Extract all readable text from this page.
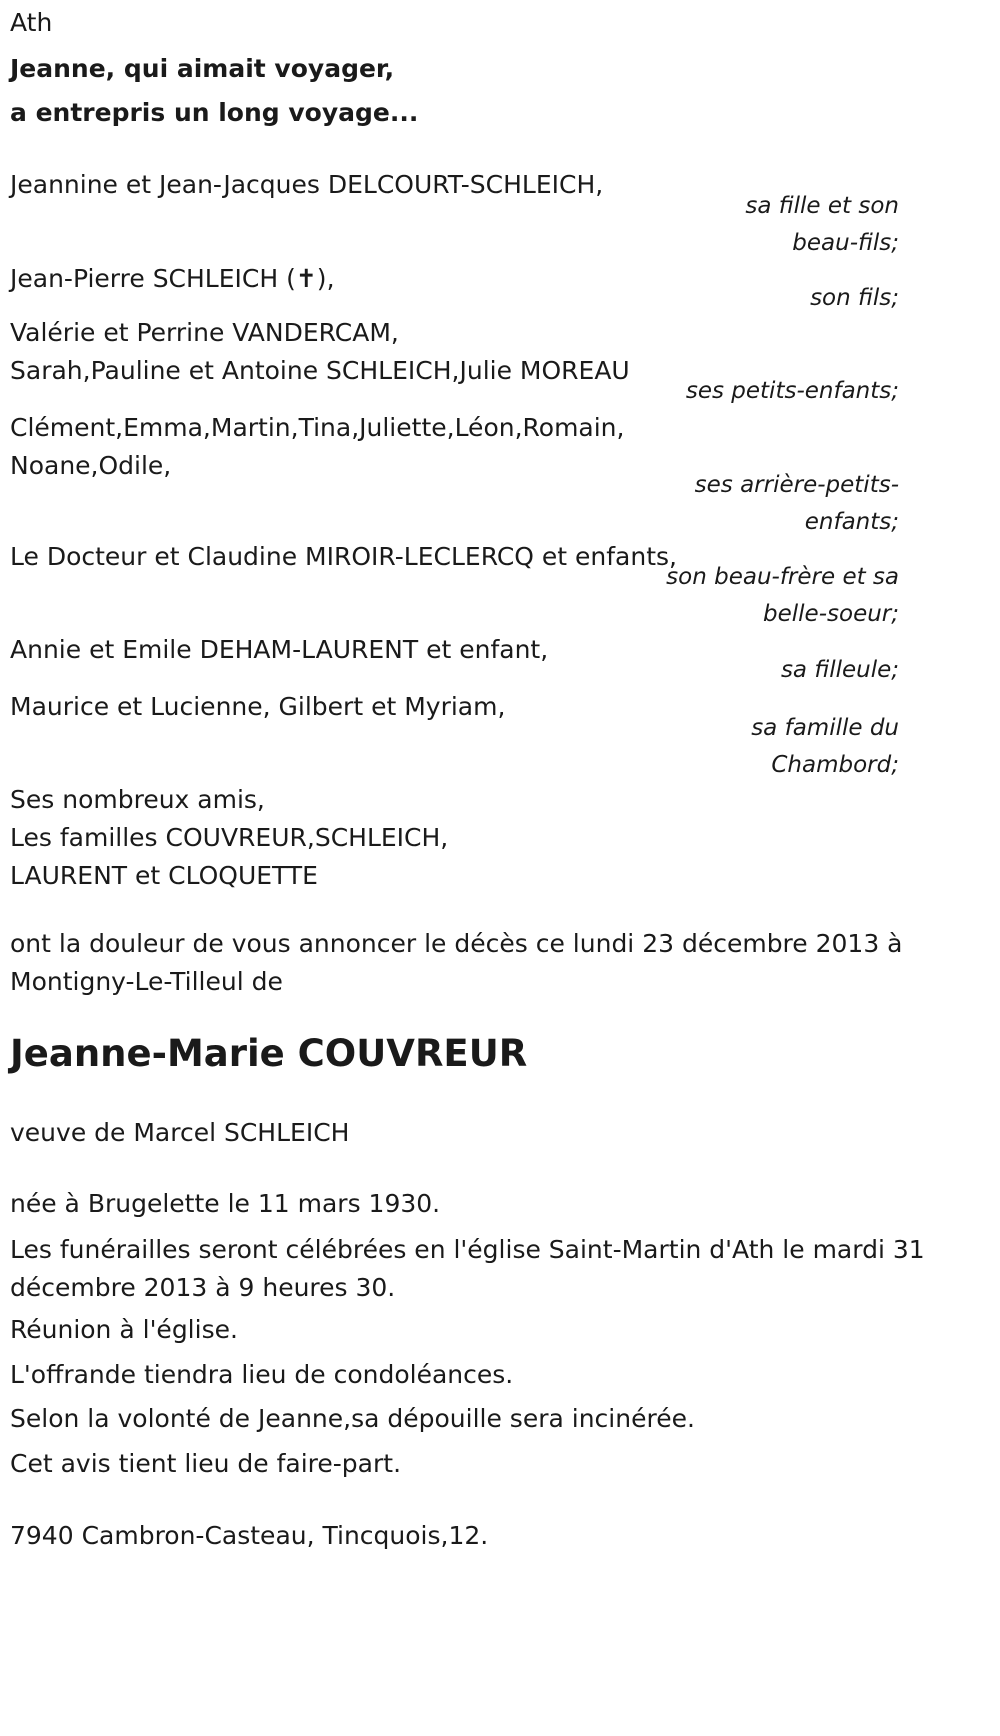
Ath
Jeanne, qui aimait voyager,
a entrepris un long voyage...
Jeannine et Jean-Jacques DELCOURT-SCHLEICH,
sa fille et son
beau-fils;
Jean-Pierre SCHLEICH (✝),
son fils;
Valérie et Perrine VANDERCAM,
Sarah,Pauline et Antoine SCHLEICH,Julie MOREAU
ses petits-enfants;
Clément,Emma,Martin,Tina,Juliette,Léon,Romain,
Noane,Odile,
ses arrière-petits-
enfants;
Le Docteur et Claudine MIROIR-LECLERCQ et enfants,
son beau-frère et sa
belle-soeur;
Annie et Emile DEHAM-LAURENT et enfant,
sa filleule;
Maurice et Lucienne, Gilbert et Myriam,
sa famille du
Chambord;
Ses nombreux amis,
Les familles COUVREUR,SCHLEICH,
LAURENT et CLOQUETTE
ont la douleur de vous annoncer le décès ce lundi 23 décembre 2013 à
Montigny-Le-Tilleul de
Jeanne-Marie COUVREUR
veuve de Marcel SCHLEICH
née à Brugelette le 11 mars 1930.
Les funérailles seront célébrées en l'église Saint-Martin d'Ath le mardi 31
décembre 2013 à 9 heures 30.
Réunion à l'église.
L'offrande tiendra lieu de condoléances.
Selon la volonté de Jeanne,sa dépouille sera incinérée.
Cet avis tient lieu de faire-part.
7940 Cambron-Casteau, Tincquois,12.
